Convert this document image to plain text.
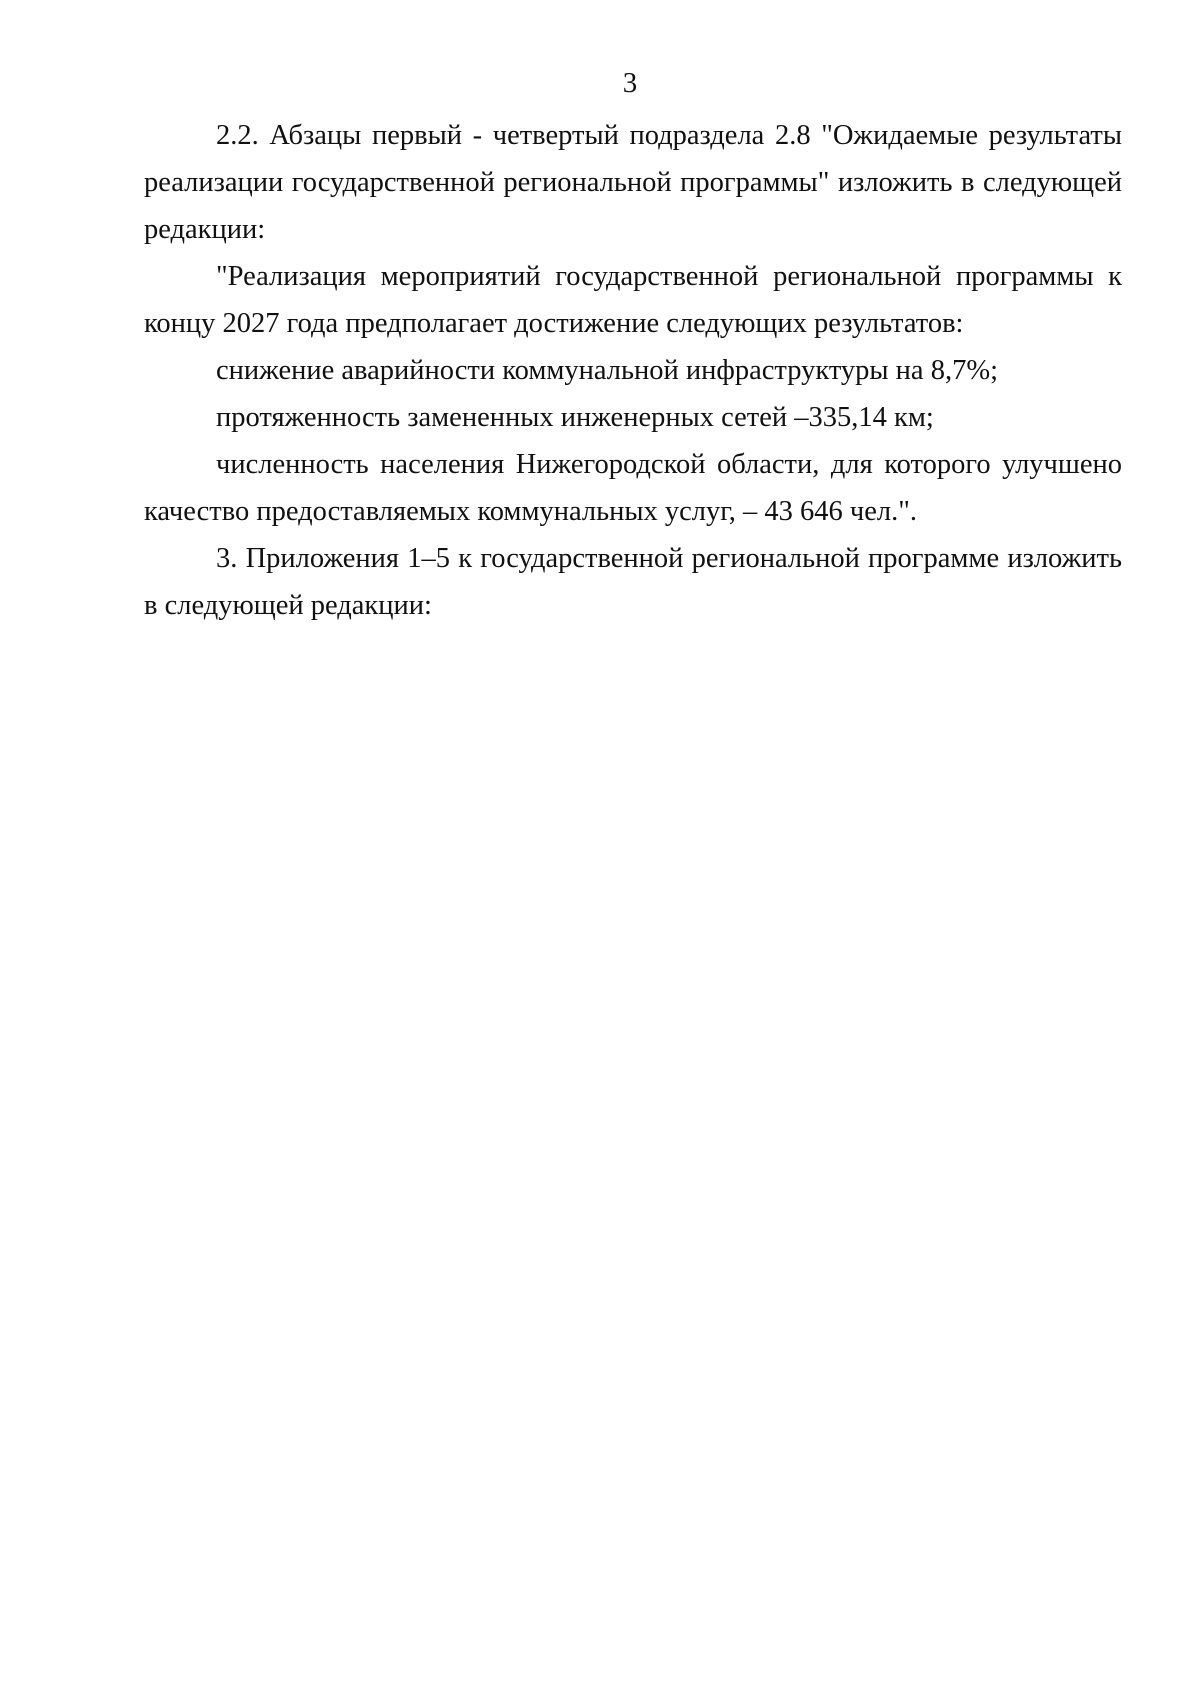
3

2.2. Абзацы первый - четвертый подраздела 2.8 "Ожидаемые результаты реализации государственной региональной программы" изложить в следующей редакции:

"Реализация мероприятий государственной региональной программы к концу 2027 года предполагает достижение следующих результатов:

снижение аварийности коммунальной инфраструктуры на 8,7%;

протяженность замененных инженерных сетей –335,14 км;

численность населения Нижегородской области, для которого улучшено качество предоставляемых коммунальных услуг, – 43 646 чел.".

3. Приложения 1–5 к государственной региональной программе изложить в следующей редакции:
